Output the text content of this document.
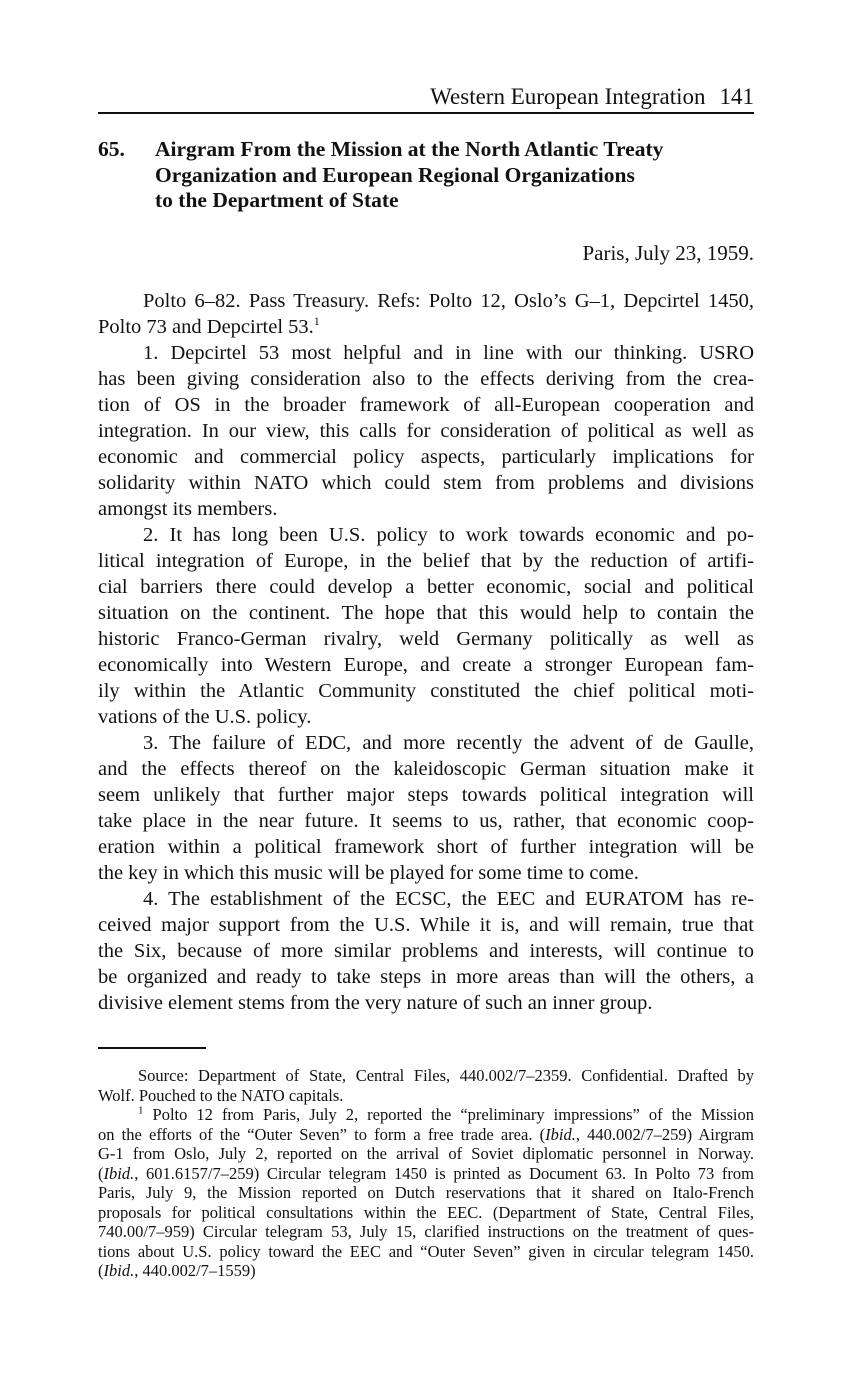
Western European Integration 141
65. Airgram From the Mission at the North Atlantic Treaty
Organization and European Regional Organizations
to the Department of State
Paris, July 23, 1959.

Polto 6–82. Pass Treasury. Refs: Polto 12, Oslo’s G–1, Depcirtel 1450,
Polto 73 and Depcirtel 53.$^1$

1. Depcirtel 53 most helpful and in line with our thinking. USRO
has been giving consideration also to the effects deriving from the crea-
tion of OS in the broader framework of all-European cooperation and
integration. In our view, this calls for consideration of political as well as
economic and commercial policy aspects, particularly implications for
solidarity within NATO which could stem from problems and divisions
amongst its members.

2. It has long been U.S. policy to work towards economic and po-
litical integration of Europe, in the belief that by the reduction of artifi-
cial barriers there could develop a better economic, social and political
situation on the continent. The hope that this would help to contain the
historic Franco-German rivalry, weld Germany politically as well as
economically into Western Europe, and create a stronger European fam-
ily within the Atlantic Community constituted the chief political moti-
vations of the U.S. policy.

3. The failure of EDC, and more recently the advent of de Gaulle,
and the effects thereof on the kaleidoscopic German situation make it
seem unlikely that further major steps towards political integration will
take place in the near future. It seems to us, rather, that economic coop-
eration within a political framework short of further integration will be
the key in which this music will be played for some time to come.

4. The establishment of the ECSC, the EEC and EURATOM has re-
ceived major support from the U.S. While it is, and will remain, true that
the Six, because of more similar problems and interests, will continue to
be organized and ready to take steps in more areas than will the others, a
divisive element stems from the very nature of such an inner group.

Source: Department of State, Central Files, 440.002/7–2359. Confidential. Drafted by
Wolf. Pouched to the NATO capitals.

$^1$ Polto 12 from Paris, July 2, reported the “preliminary impressions” of the Mission
on the efforts of the “Outer Seven” to form a free trade area. (Ibid., 440.002/7–259) Airgram
G-1 from Oslo, July 2, reported on the arrival of Soviet diplomatic personnel in Norway.
(Ibid., 601.6157/7–259) Circular telegram 1450 is printed as Document 63. In Polto 73 from
Paris, July 9, the Mission reported on Dutch reservations that it shared on Italo-French
proposals for political consultations within the EEC. (Department of State, Central Files,
740.00/7–959) Circular telegram 53, July 15, clarified instructions on the treatment of ques-
tions about U.S. policy toward the EEC and “Outer Seven” given in circular telegram 1450.
(Ibid., 440.002/7–1559)
